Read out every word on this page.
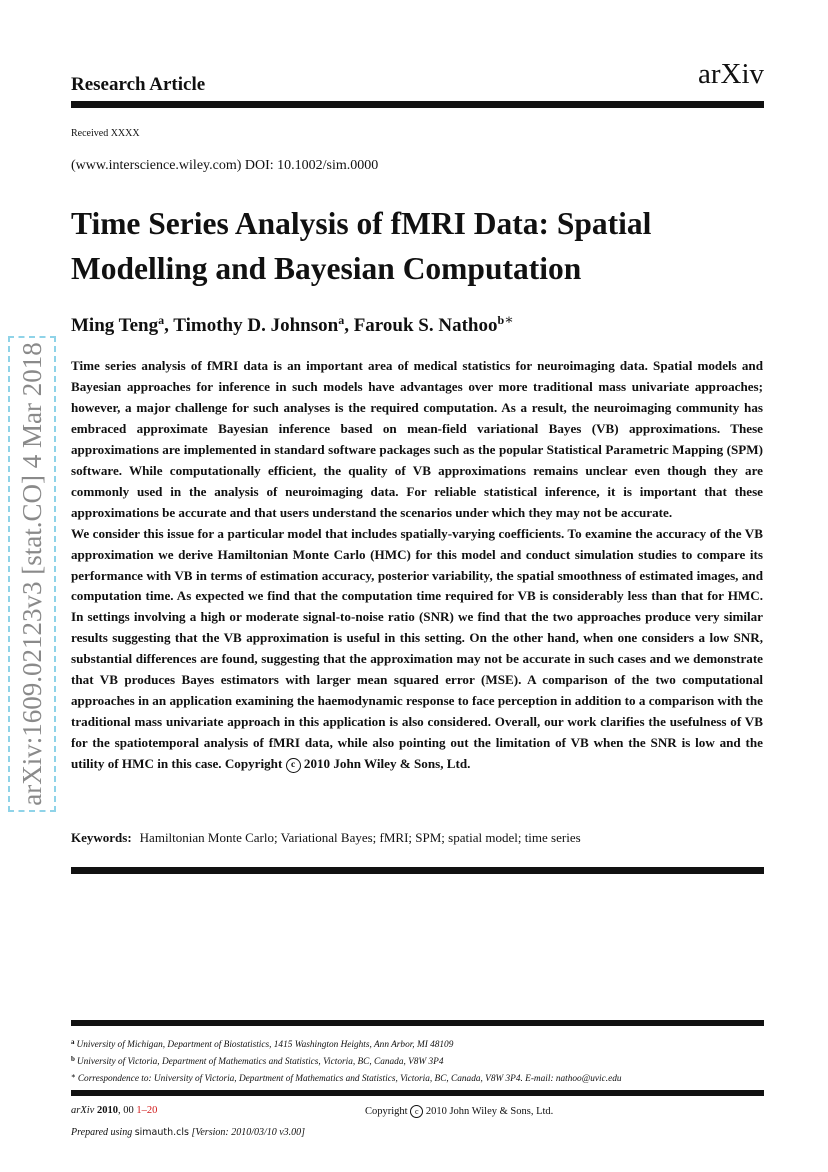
Research Article	arXiv
Received XXXX
(www.interscience.wiley.com) DOI: 10.1002/sim.0000
Time Series Analysis of fMRI Data: Spatial
Modelling and Bayesian Computation
Ming Teng$^a$, Timothy D. Johnson$^a$, Farouk S. Nathoo$^{b∗}$

Time series analysis of fMRI data is an important area of medical statistics for neuroimaging data. Spatial models and Bayesian approaches for inference in such models have advantages over more traditional mass univariate approaches; however, a major challenge for such analyses is the required computation. As a result, the neuroimaging community has embraced approximate Bayesian inference based on mean-field variational Bayes (VB) approximations. These approximations are implemented in standard software packages such as the popular Statistical Parametric Mapping (SPM) software. While computationally efficient, the quality of VB approximations remains unclear even though they are commonly used in the analysis of neuroimaging data. For reliable statistical inference, it is important that these approximations be accurate and that users understand the scenarios under which they may not be accurate.

We consider this issue for a particular model that includes spatially-varying coefficients. To examine the accuracy of the VB approximation we derive Hamiltonian Monte Carlo (HMC) for this model and conduct simulation studies to compare its performance with VB in terms of estimation accuracy, posterior variability, the spatial smoothness of estimated images, and computation time. As expected we find that the computation time required for VB is considerably less than that for HMC. In settings involving a high or moderate signal-to-noise ratio (SNR) we find that the two approaches produce very similar results suggesting that the VB approximation is useful in this setting. On the other hand, when one considers a low SNR, substantial differences are found, suggesting that the approximation may not be accurate in such cases and we demonstrate that VB produces Bayes estimators with larger mean squared error (MSE). A comparison of the two computational approaches in an application examining the haemodynamic response to face perception in addition to a comparison with the traditional mass univariate approach in this application is also considered. Overall, our work clarifies the usefulness of VB for the spatiotemporal analysis of fMRI data, while also pointing out the limitation of VB when the SNR is low and the utility of HMC in this case. Copyright c 2010 John Wiley & Sons, Ltd.

Keywords: Hamiltonian Monte Carlo; Variational Bayes; fMRI; SPM; spatial model; time series
$^a$ University of Michigan, Department of Biostatistics, 1415 Washington Heights, Ann Arbor, MI 48109
$^b$ University of Victoria, Department of Mathematics and Statistics, Victoria, BC, Canada, V8W 3P4
∗ Correspondence to: University of Victoria, Department of Mathematics and Statistics, Victoria, BC, Canada, V8W 3P4. E-mail: nathoo@uvic.edu
arXiv 2010, 00 1–20	Copyright c 2010 John Wiley & Sons, Ltd.
Prepared using simauth.cls [Version: 2010/03/10 v3.00]
arXiv:1609.02123v3 [stat.CO] 4 Mar 2018
